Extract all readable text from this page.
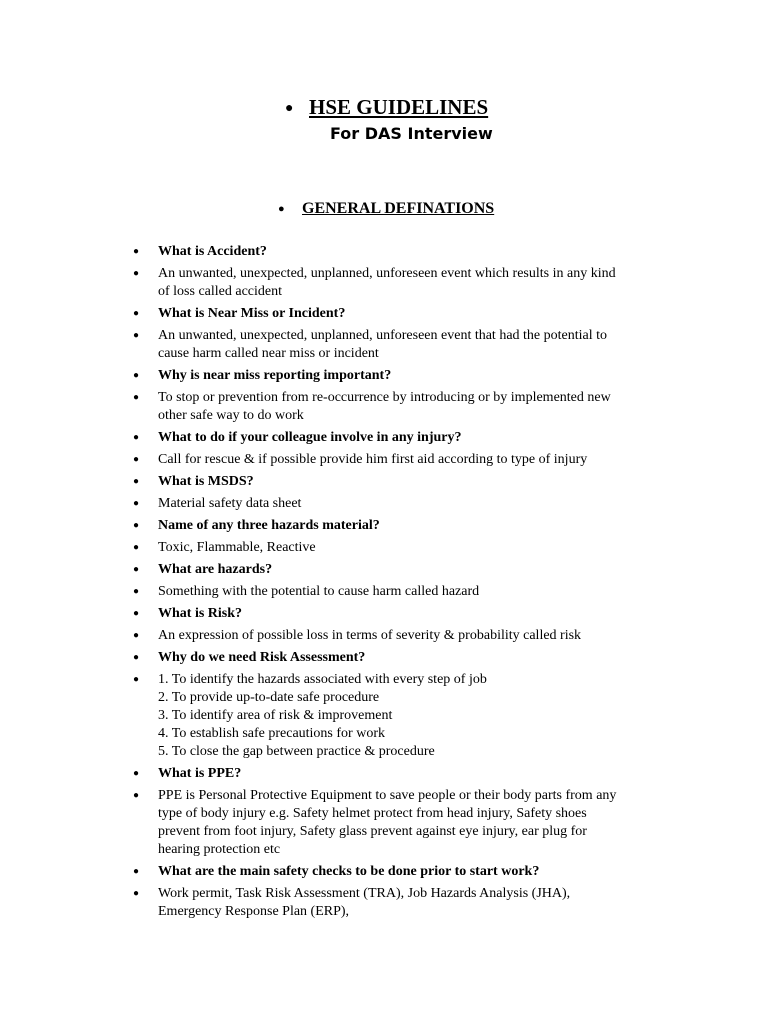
● HSE GUIDELINES
For DAS Interview
● GENERAL DEFINATIONS
● What is Accident?
● An unwanted, unexpected, unplanned, unforeseen event which results in any kind
of loss called accident
● What is Near Miss or Incident?
● An unwanted, unexpected, unplanned, unforeseen event that had the potential to
cause harm called near miss or incident
● Why is near miss reporting important?
● To stop or prevention from re-occurrence by introducing or by implemented new
other safe way to do work
● What to do if your colleague involve in any injury?
● Call for rescue & if possible provide him first aid according to type of injury
● What is MSDS?
● Material safety data sheet
● Name of any three hazards material?
● Toxic, Flammable, Reactive
● What are hazards?
● Something with the potential to cause harm called hazard
● What is Risk?
● An expression of possible loss in terms of severity & probability called risk
● Why do we need Risk Assessment?
● 1. To identify the hazards associated with every step of job
2. To provide up-to-date safe procedure
3. To identify area of risk & improvement
4. To establish safe precautions for work
5. To close the gap between practice & procedure
● What is PPE?
● PPE is Personal Protective Equipment to save people or their body parts from any
type of body injury e.g. Safety helmet protect from head injury, Safety shoes
prevent from foot injury, Safety glass prevent against eye injury, ear plug for
hearing protection etc
● What are the main safety checks to be done prior to start work?
● Work permit, Task Risk Assessment (TRA), Job Hazards Analysis (JHA),
Emergency Response Plan (ERP),
